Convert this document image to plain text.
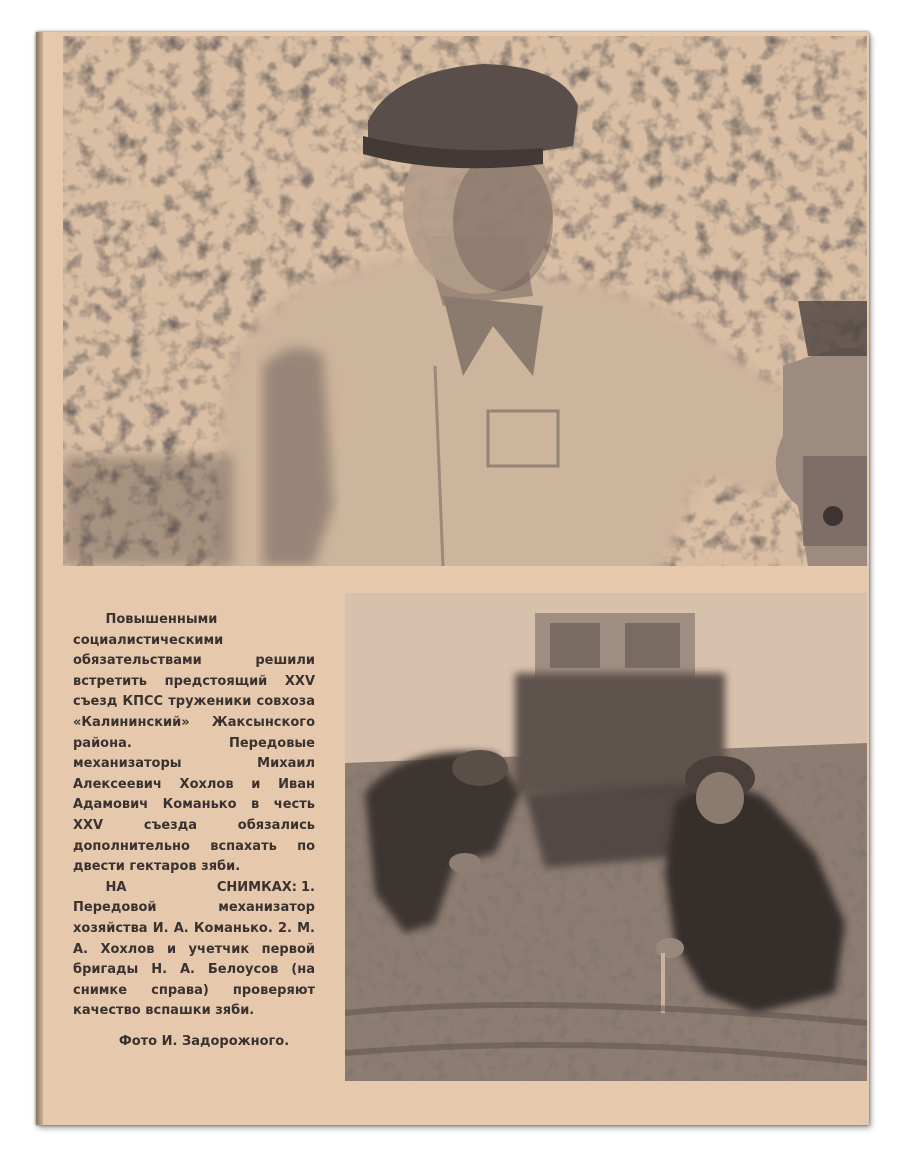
Повышенными социалистическими обязательствами решили встретить предстоящий XXV съезд КПСС труженики совхоза «Калининский» Жаксынского района. Передовые механизаторы Михаил Алексеевич Хохлов и Иван Адамович Команько в честь XXV съезда обязались дополнительно вспахать по двести гектаров зяби.

НА СНИМКАХ: 1. Передовой механизатор хозяйства И. А. Команько. 2. М. А. Хохлов и учетчик первой бригады Н. А. Белоусов (на снимке справа) проверяют качество вспашки зяби.

Фото И. Задорожного.
